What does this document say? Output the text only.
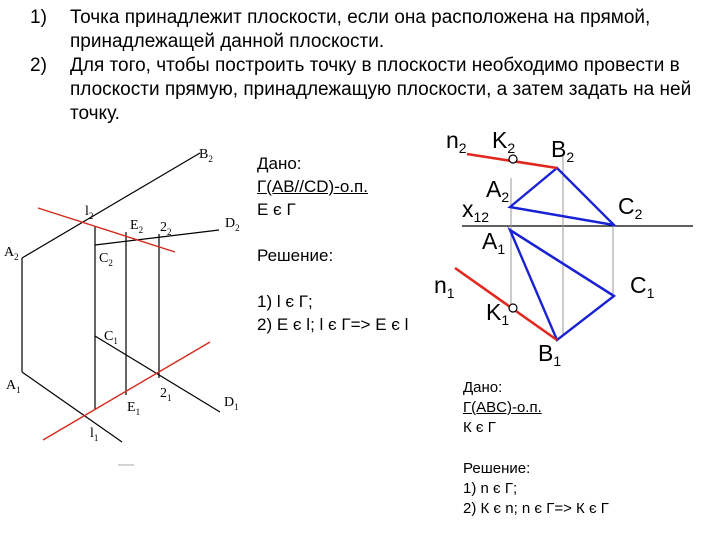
1) Точка принадлежит плоскости, если она расположена на прямой, принадлежащей данной плоскости.
2) Для того, чтобы построить точку в плоскости необходимо провести в плоскости прямую, принадлежащую плоскости, а затем задать на ней точку.
$B_2$
$l_2$
$E_2$ $2_2$
$D_2$
$A_2$	$C_2$
$C_1$
$A_1$	$2_1$
$E_1$
$D_1$
$l_1$
Дано:
Г(AB//CD)-о.п.
E є Г
Решение:
1) l є Г;
2) E є l; l є Г=> E є l
$n_2$ $K_2$ $B_2$
$A_2$
$x_{12}$	$C_2$
$A_1$
$n_1$	$C_1$
$K_1$
$B_1$
Дано:
Г(ABC)-о.п.
К є Г
Решение:
1) n є Г;
2) К є n; n є Г=> К є Г
